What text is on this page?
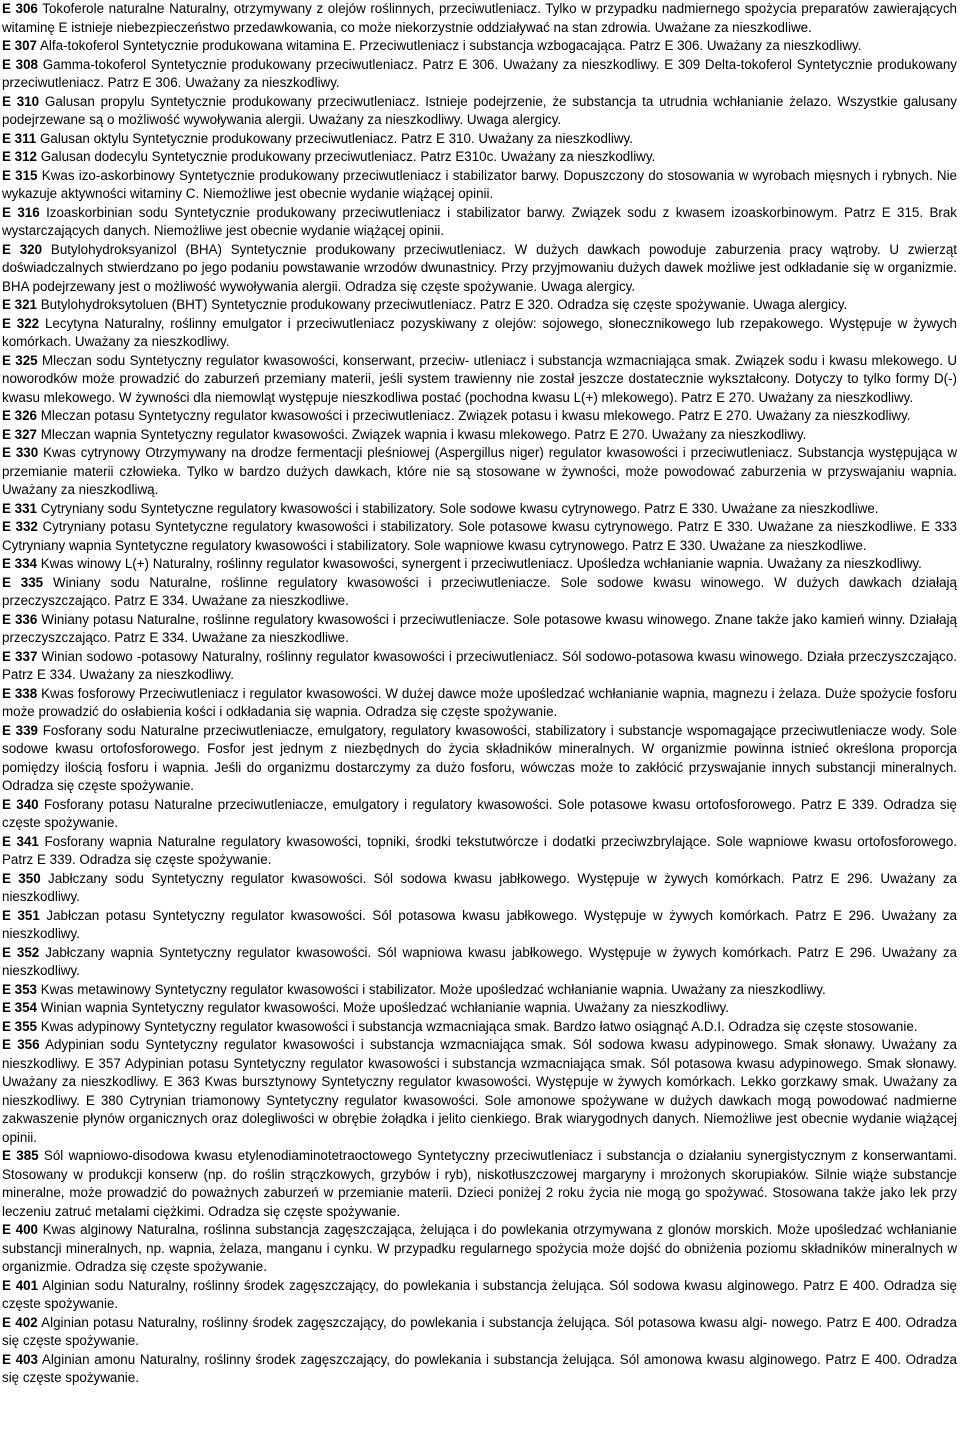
E 306 Tokoferole naturalne Naturalny, otrzymywany z olejów roślinnych, przeciwutleniacz. Tylko w przypadku nadmiernego spożycia preparatów zawierających witaminę E istnieje niebezpieczeństwo przedawkowania, co może niekorzystnie oddziaływać na stan zdrowia. Uważane za nieszkodliwe.

E 307 Alfa-tokoferol Syntetycznie produkowana witamina E. Przeciwutleniacz i substancja wzbogacająca. Patrz E 306. Uważany za nieszkodliwy.

E 308 Gamma-tokoferol Syntetycznie produkowany przeciwutleniacz. Patrz E 306. Uważany za nieszkodliwy. E 309 Delta-tokoferol Syntetycznie produkowany przeciwutleniacz. Patrz E 306. Uważany za nieszkodliwy.

E 310 Galusan propylu Syntetycznie produkowany przeciwutleniacz. Istnieje podejrzenie, że substancja ta utrudnia wchłanianie żelazo. Wszystkie galusany podejrzewane są o możliwość wywoływania alergii. Uważany za nieszkodliwy. Uwaga alergicy.

E 311 Galusan oktylu Syntetycznie produkowany przeciwutleniacz. Patrz E 310. Uważany za nieszkodliwy.

E 312 Galusan dodecylu Syntetycznie produkowany przeciwutleniacz. Patrz E310c. Uważany za nieszkodliwy.

E 315 Kwas izo-askorbinowy Syntetycznie produkowany przeciwutleniacz i stabilizator barwy. Dopuszczony do stosowania w wyrobach mięsnych i rybnych. Nie wykazuje aktywności witaminy C. Niemożliwe jest obecnie wydanie wiążącej opinii.

E 316 Izoaskorbinian sodu Syntetycznie produkowany przeciwutleniacz i stabilizator barwy. Związek sodu z kwasem izoaskorbinowym. Patrz E 315. Brak wystarczających danych. Niemożliwe jest obecnie wydanie wiążącej opinii.

E 320 Butylohydroksyanizol (BHA) Syntetycznie produkowany przeciwutleniacz. W dużych dawkach powoduje zaburzenia pracy wątroby. U zwierząt doświadczalnych stwierdzano po jego podaniu powstawanie wrzodów dwunastnicy. Przy przyjmowaniu dużych dawek możliwe jest odkładanie się w organizmie. BHA podejrzewany jest o możliwość wywoływania alergii. Odradza się częste spożywanie. Uwaga alergicy.

E 321 Butylohydroksytoluen (BHT) Syntetycznie produkowany przeciwutleniacz. Patrz E 320. Odradza się częste spożywanie. Uwaga alergicy.

E 322 Lecytyna Naturalny, roślinny emulgator i przeciwutleniacz pozyskiwany z olejów: sojowego, słonecznikowego lub rzepakowego. Występuje w żywych komórkach. Uważany za nieszkodliwy.

E 325 Mleczan sodu Syntetyczny regulator kwasowości, konserwant, przeciw- utleniacz i substancja wzmacniająca smak. Związek sodu i kwasu mlekowego. U noworodków może prowadzić do zaburzeń przemiany materii, jeśli system trawienny nie został jeszcze dostatecznie wykształcony. Dotyczy to tylko formy D(-) kwasu mlekowego. W żywności dla niemowląt występuje nieszkodliwa postać (pochodna kwasu L(+) mlekowego). Patrz E 270. Uważany za nieszkodliwy.

E 326 Mleczan potasu Syntetyczny regulator kwasowości i przeciwutleniacz. Związek potasu i kwasu mlekowego. Patrz E 270. Uważany za nieszkodliwy.

E 327 Mleczan wapnia Syntetyczny regulator kwasowości. Związek wapnia i kwasu mlekowego. Patrz E 270. Uważany za nieszkodliwy.

E 330 Kwas cytrynowy Otrzymywany na drodze fermentacji pleśniowej (Aspergillus niger) regulator kwasowości i przeciwutleniacz. Substancja występująca w przemianie materii człowieka. Tylko w bardzo dużych dawkach, które nie są stosowane w żywności, może powodować zaburzenia w przyswajaniu wapnia. Uważany za nieszkodliwą.

E 331 Cytryniany sodu Syntetyczne regulatory kwasowości i stabilizatory. Sole sodowe kwasu cytrynowego. Patrz E 330. Uważane za nieszkodliwe.

E 332 Cytryniany potasu Syntetyczne regulatory kwasowości i stabilizatory. Sole potasowe kwasu cytrynowego. Patrz E 330. Uważane za nieszkodliwe. E 333 Cytryniany wapnia Syntetyczne regulatory kwasowości i stabilizatory. Sole wapniowe kwasu cytrynowego. Patrz E 330. Uważane za nieszkodliwe.

E 334 Kwas winowy L(+) Naturalny, roślinny regulator kwasowości, synergent i przeciwutleniacz. Upośledza wchłanianie wapnia. Uważany za nieszkodliwy.

E 335 Winiany sodu Naturalne, roślinne regulatory kwasowości i przeciwutleniacze. Sole sodowe kwasu winowego. W dużych dawkach działają przeczyszczająco. Patrz E 334. Uważane za nieszkodliwe.

E 336 Winiany potasu Naturalne, roślinne regulatory kwasowości i przeciwutleniacze. Sole potasowe kwasu winowego. Znane także jako kamień winny. Działają przeczyszczająco. Patrz E 334. Uważane za nieszkodliwe.

E 337 Winian sodowo -potasowy Naturalny, roślinny regulator kwasowości i przeciwutleniacz. Sól sodowo-potasowa kwasu winowego. Działa przeczyszczająco. Patrz E 334. Uważany za nieszkodliwy.

E 338 Kwas fosforowy Przeciwutleniacz i regulator kwasowości. W dużej dawce może upośledzać wchłanianie wapnia, magnezu i żelaza. Duże spożycie fosforu może prowadzić do osłabienia kości i odkładania się wapnia. Odradza się częste spożywanie.

E 339 Fosforany sodu Naturalne przeciwutleniacze, emulgatory, regulatory kwasowości, stabilizatory i substancje wspomagające przeciwutleniacze wody. Sole sodowe kwasu ortofosforowego. Fosfor jest jednym z niezbędnych do życia składników mineralnych. W organizmie powinna istnieć określona proporcja pomiędzy ilością fosforu i wapnia. Jeśli do organizmu dostarczymy za dużo fosforu, wówczas może to zakłócić przyswajanie innych substancji mineralnych. Odradza się częste spożywanie.

E 340 Fosforany potasu Naturalne przeciwutleniacze, emulgatory i regulatory kwasowości. Sole potasowe kwasu ortofosforowego. Patrz E 339. Odradza się częste spożywanie.

E 341 Fosforany wapnia Naturalne regulatory kwasowości, topniki, środki tekstutwórcze i dodatki przeciwzbrylające. Sole wapniowe kwasu ortofosforowego. Patrz E 339. Odradza się częste spożywanie.

E 350 Jabłczany sodu Syntetyczny regulator kwasowości. Sól sodowa kwasu jabłkowego. Występuje w żywych komórkach. Patrz E 296. Uważany za nieszkodliwy.

E 351 Jabłczan potasu Syntetyczny regulator kwasowości. Sól potasowa kwasu jabłkowego. Występuje w żywych komórkach. Patrz E 296. Uważany za nieszkodliwy.

E 352 Jabłczany wapnia Syntetyczny regulator kwasowości. Sól wapniowa kwasu jabłkowego. Występuje w żywych komórkach. Patrz E 296. Uważany za nieszkodliwy.

E 353 Kwas metawinowy Syntetyczny regulator kwasowości i stabilizator. Może upośledzać wchłanianie wapnia. Uważany za nieszkodliwy.

E 354 Winian wapnia Syntetyczny regulator kwasowości. Może upośledzać wchłanianie wapnia. Uważany za nieszkodliwy.

E 355 Kwas adypinowy Syntetyczny regulator kwasowości i substancja wzmacniająca smak. Bardzo łatwo osiągnąć A.D.I. Odradza się częste stosowanie.

E 356 Adypinian sodu Syntetyczny regulator kwasowości i substancja wzmacniająca smak. Sól sodowa kwasu adypinowego. Smak słonawy. Uważany za nieszkodliwy. E 357 Adypinian potasu Syntetyczny regulator kwasowości i substancja wzmacniająca smak. Sól potasowa kwasu adypinowego. Smak słonawy. Uważany za nieszkodliwy. E 363 Kwas bursztynowy Syntetyczny regulator kwasowości. Występuje w żywych komórkach. Lekko gorzkawy smak. Uważany za nieszkodliwy. E 380 Cytrynian triamonowy Syntetyczny regulator kwasowości. Sole amonowe spożywane w dużych dawkach mogą powodować nadmierne zakwaszenie płynów organicznych oraz dolegliwości w obrębie żołądka i jelito cienkiego. Brak wiarygodnych danych. Niemożliwe jest obecnie wydanie wiążącej opinii.

E 385 Sól wapniowo-disodowa kwasu etylenodiaminotetraoctowego Syntetyczny przeciwutleniacz i substancja o działaniu synergistycznym z konserwantami. Stosowany w produkcji konserw (np. do roślin strączkowych, grzybów i ryb), niskotłuszczowej margaryny i mrożonych skorupiaków. Silnie wiąże substancje mineralne, może prowadzić do poważnych zaburzeń w przemianie materii. Dzieci poniżej 2 roku życia nie mogą go spożywać. Stosowana także jako lek przy leczeniu zatruć metalami ciężkimi. Odradza się częste spożywanie.

E 400 Kwas alginowy Naturalna, roślinna substancja zagęszczająca, żelująca i do powlekania otrzymywana z glonów morskich. Może upośledzać wchłanianie substancji mineralnych, np. wapnia, żelaza, manganu i cynku. W przypadku regularnego spożycia może dojść do obniżenia poziomu składników mineralnych w organizmie. Odradza się częste spożywanie.

E 401 Alginian sodu Naturalny, roślinny środek zagęszczający, do powlekania i substancja żelująca. Sól sodowa kwasu alginowego. Patrz E 400. Odradza się częste spożywanie.

E 402 Alginian potasu Naturalny, roślinny środek zagęszczający, do powlekania i substancja żelująca. Sól potasowa kwasu algi- nowego. Patrz E 400. Odradza się częste spożywanie.

E 403 Alginian amonu Naturalny, roślinny środek zagęszczający, do powlekania i substancja żelująca. Sól amonowa kwasu alginowego. Patrz E 400. Odradza się częste spożywanie.
